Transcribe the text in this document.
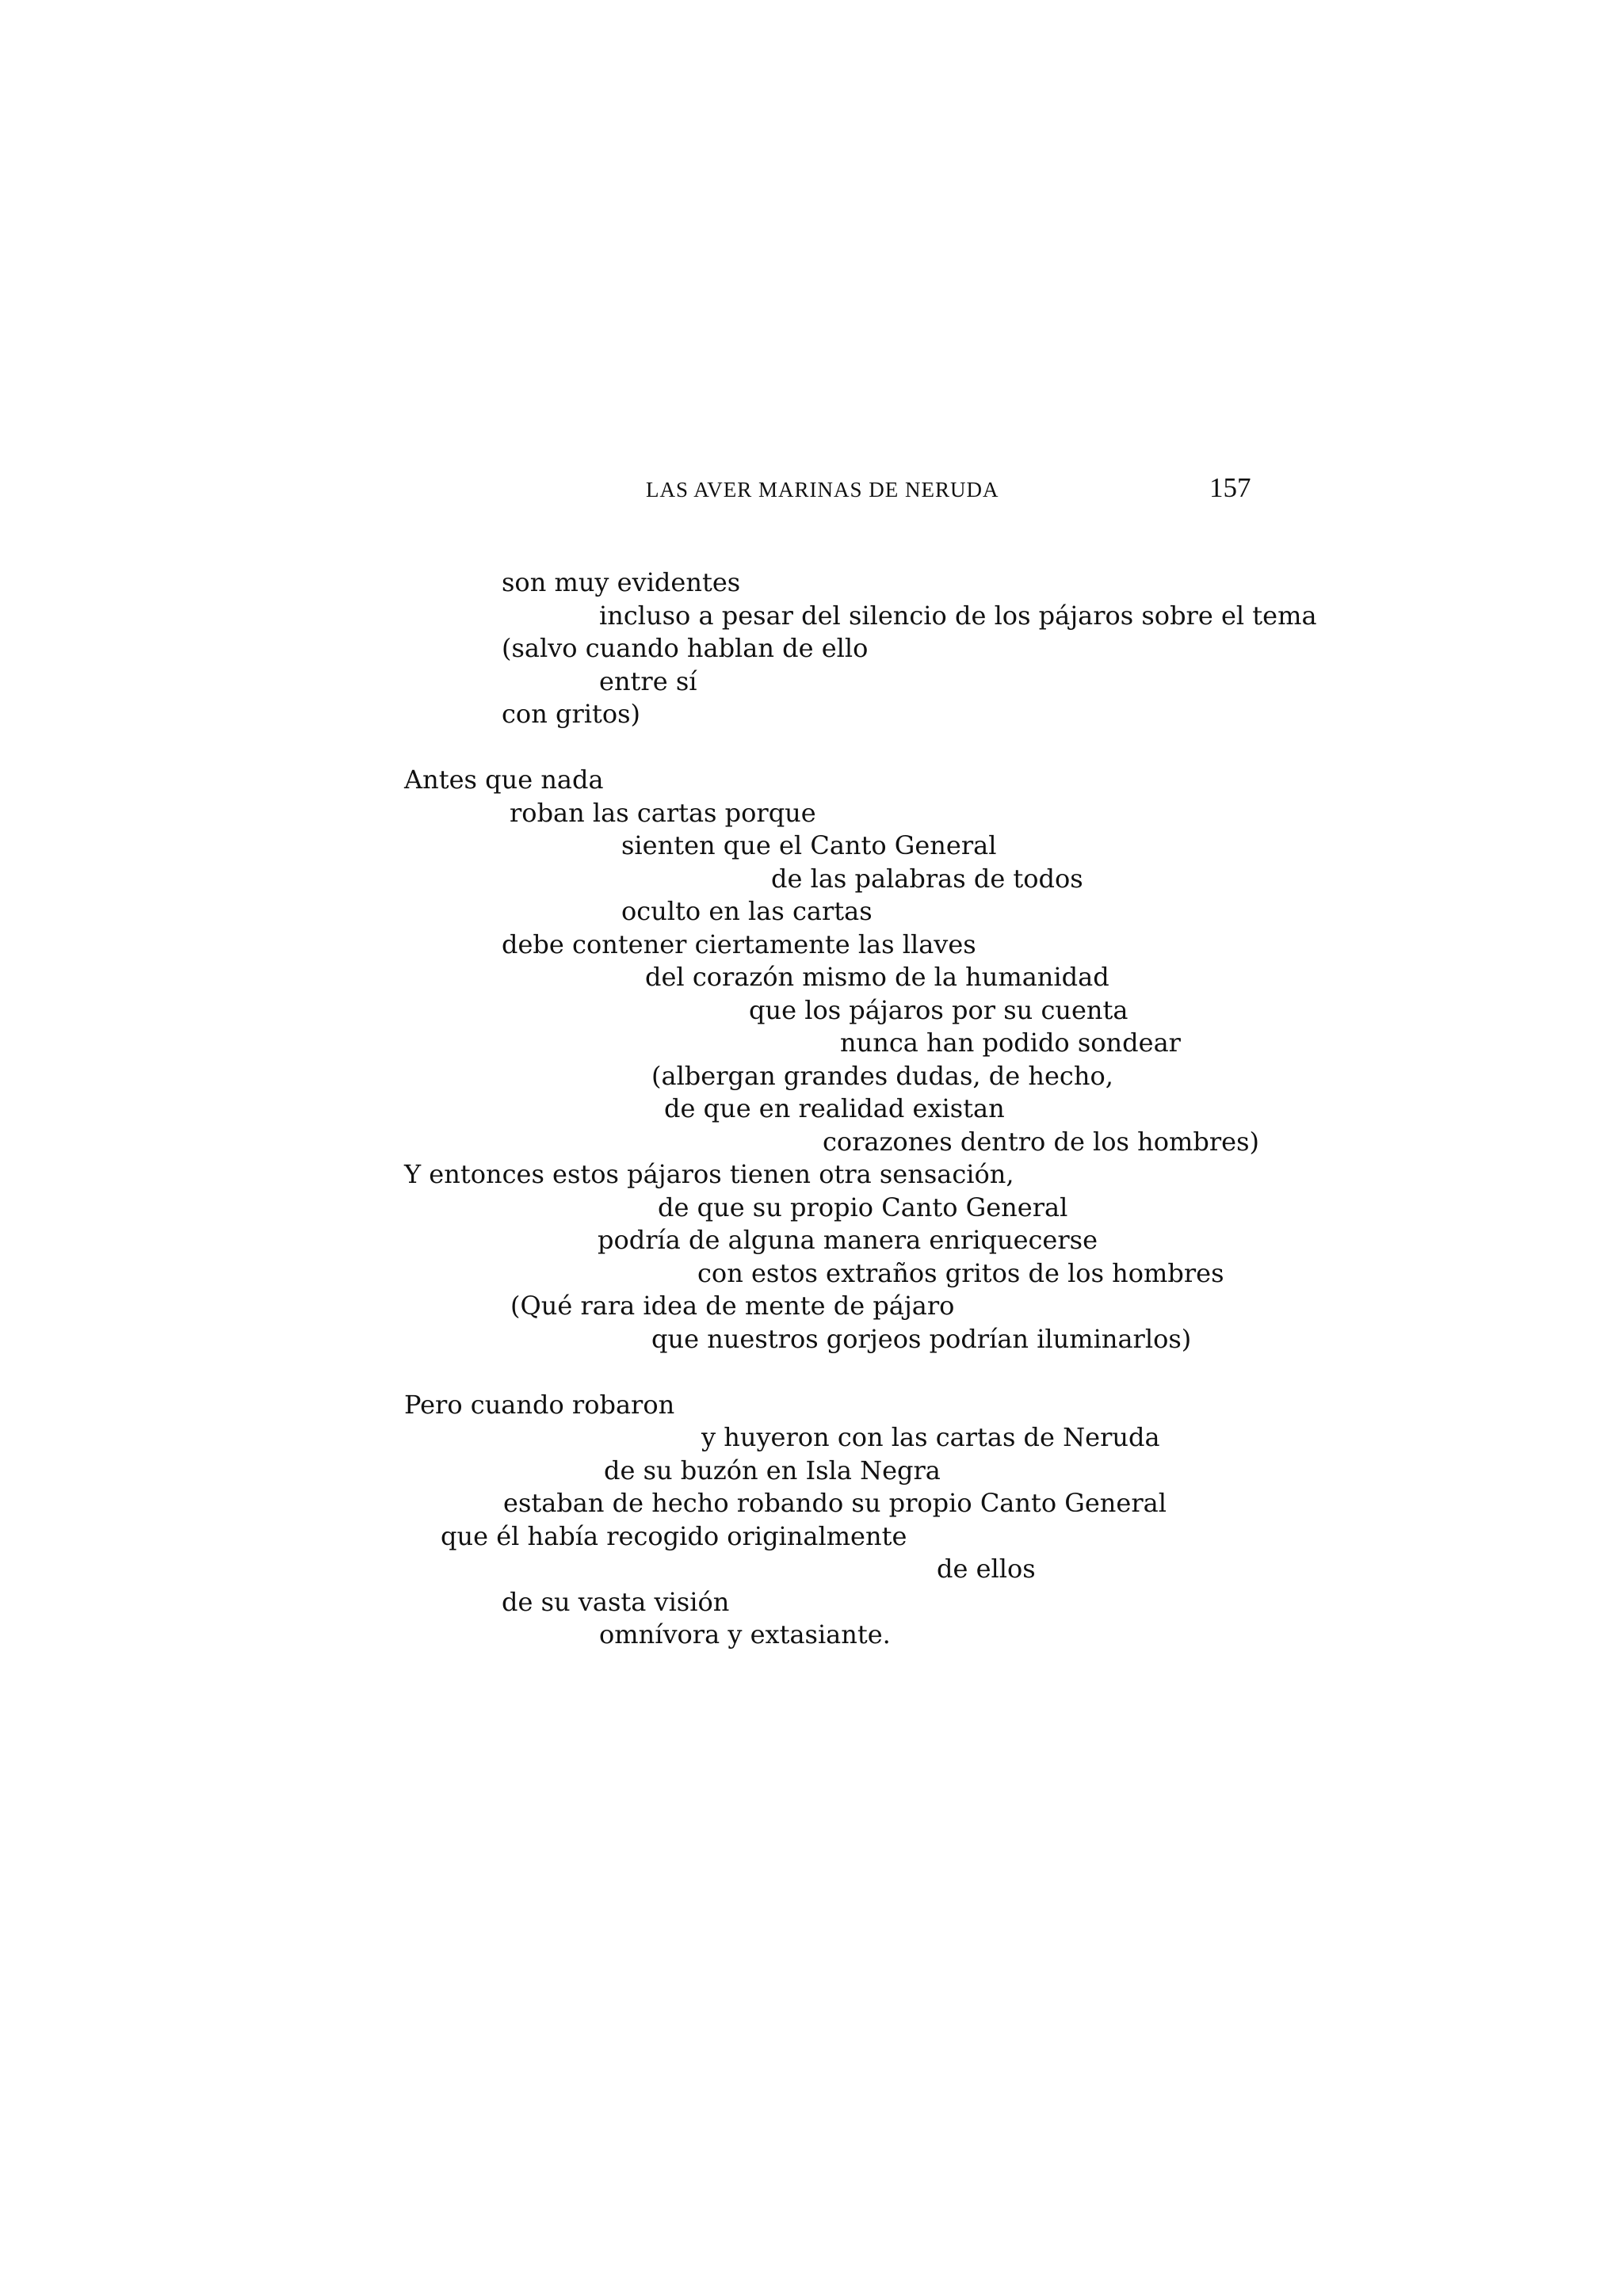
LAS AVER MARINAS DE NERUDA	157
son muy evidentes
incluso a pesar del silencio de los pájaros sobre el tema
(salvo cuando hablan de ello
entre sí
con gritos)
Antes que nada
roban las cartas porque
sienten que el Canto General
de las palabras de todos
oculto en las cartas
debe contener ciertamente las llaves
del corazón mismo de la humanidad
que los pájaros por su cuenta
nunca han podido sondear
(albergan grandes dudas, de hecho,
de que en realidad existan
corazones dentro de los hombres)
Y entonces estos pájaros tienen otra sensación,
de que su propio Canto General
podría de alguna manera enriquecerse
con estos extraños gritos de los hombres
(Qué rara idea de mente de pájaro
que nuestros gorjeos podrían iluminarlos)
Pero cuando robaron
y huyeron con las cartas de Neruda
de su buzón en Isla Negra
estaban de hecho robando su propio Canto General
que él había recogido originalmente
de ellos
de su vasta visión
omnívora y extasiante.
